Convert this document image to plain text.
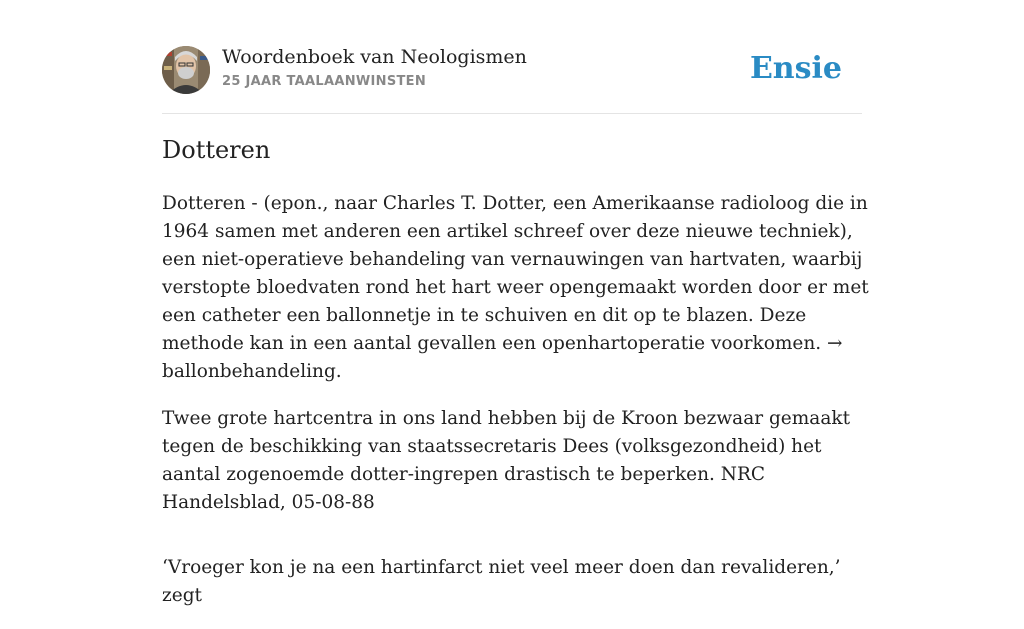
Woordenboek van Neologismen
25 JAAR TAALAANWINSTEN	Ensie
Dotteren

Dotteren - (epon., naar Charles T. Dotter, een Amerikaanse radioloog die in 1964 samen met anderen een artikel schreef over deze nieuwe techniek), een niet-operatieve behandeling van vernauwingen van hartvaten, waarbij verstopte bloedvaten rond het hart weer opengemaakt worden door er met een catheter een ballonnetje in te schuiven en dit op te blazen. Deze methode kan in een aantal gevallen een openhartoperatie voorkomen. → ballonbehandeling.

Twee grote hartcentra in ons land hebben bij de Kroon bezwaar gemaakt tegen de beschikking van staatssecretaris Dees (volksgezondheid) het aantal zogenoemde dotter-ingrepen drastisch te beperken. NRC Handelsblad, 05-08-88

‘Vroeger kon je na een hartinfarct niet veel meer doen dan revalideren,’ zegt
